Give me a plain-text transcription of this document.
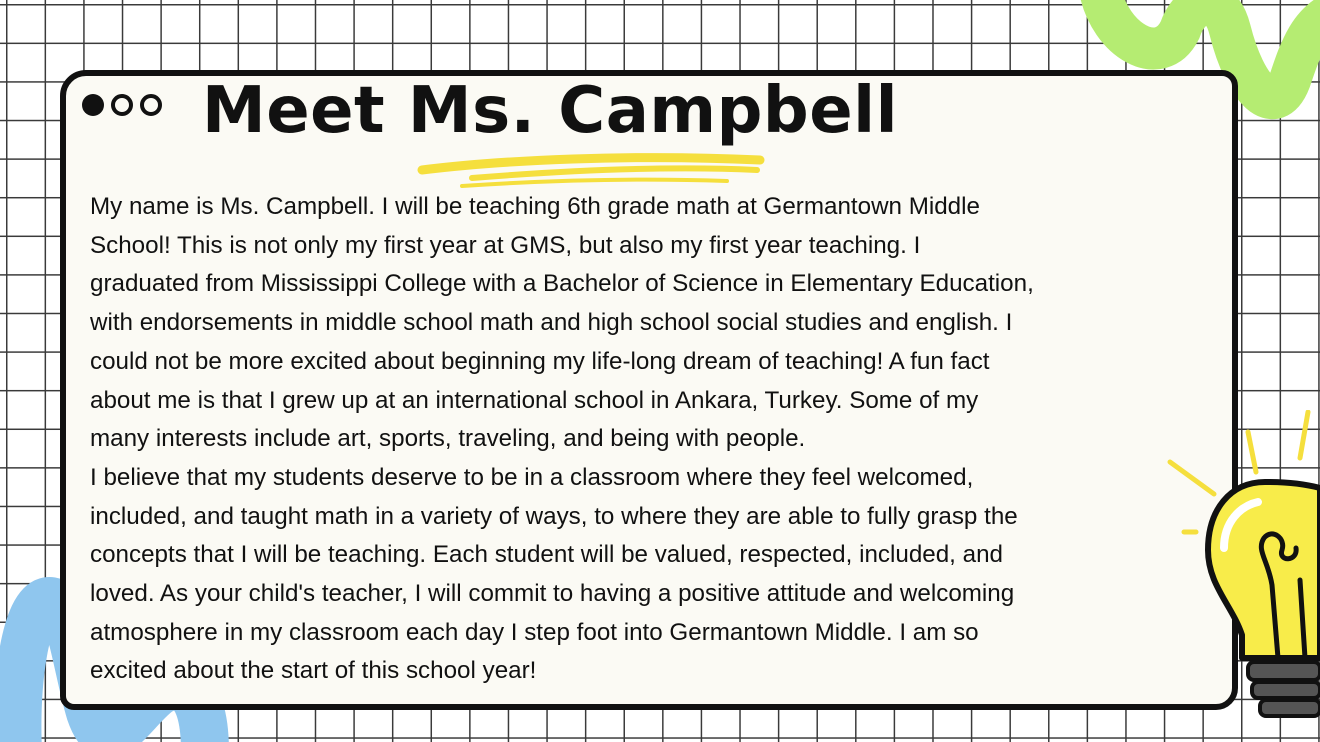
Meet Ms. Campbell

My name is Ms. Campbell. I will be teaching 6th grade math at Germantown Middle
School! This is not only my first year at GMS, but also my first year teaching. I
graduated from Mississippi College with a Bachelor of Science in Elementary Education,
with endorsements in middle school math and high school social studies and english. I
could not be more excited about beginning my life-long dream of teaching! A fun fact
about me is that I grew up at an international school in Ankara, Turkey. Some of my
many interests include art, sports, traveling, and being with people.

I believe that my students deserve to be in a classroom where they feel welcomed,
included, and taught math in a variety of ways, to where they are able to fully grasp the
concepts that I will be teaching. Each student will be valued, respected, included, and
loved. As your child's teacher, I will commit to having a positive attitude and welcoming
atmosphere in my classroom each day I step foot into Germantown Middle. I am so
excited about the start of this school year!
